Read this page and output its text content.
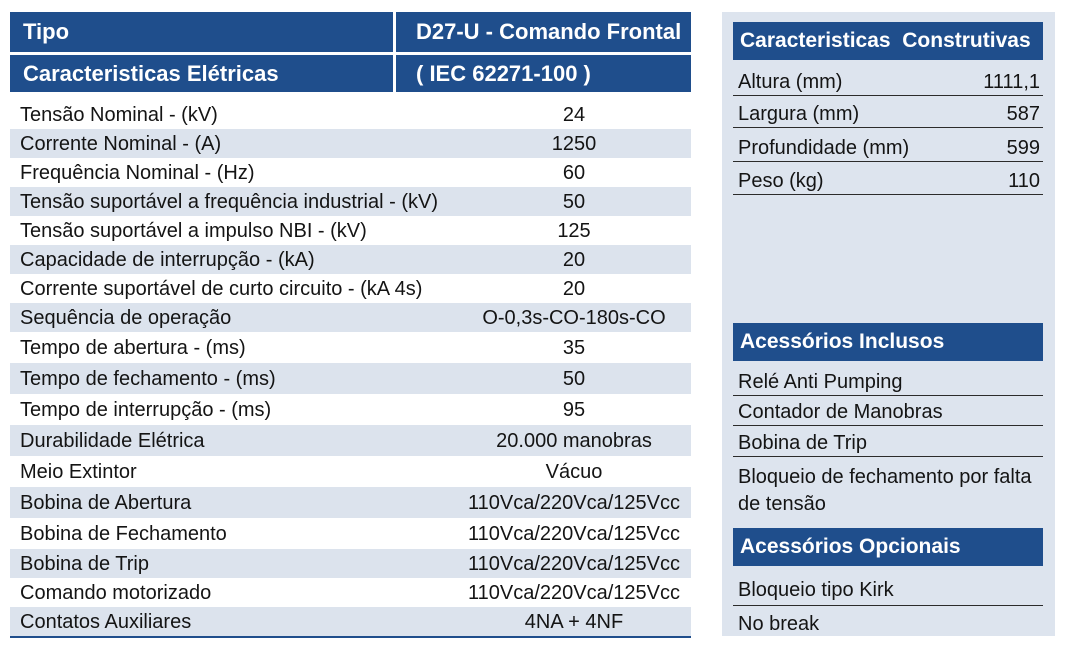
Tipo	D27-U - Comando Frontal
Caracteristicas Elétricas	( IEC 62271-100 )
Tensão Nominal - (kV)	24
Corrente Nominal - (A)	1250
Frequência Nominal - (Hz)	60
Tensão suportável a frequência industrial - (kV)	50
Tensão suportável a impulso NBI - (kV)	125
Capacidade de interrupção - (kA)	20
Corrente suportável de curto circuito - (kA 4s)	20
Sequência de operação	O-0,3s-CO-180s-CO
Tempo de abertura - (ms)	35
Tempo de fechamento - (ms)	50
Tempo de interrupção - (ms)	95
Durabilidade Elétrica	20.000 manobras
Meio Extintor	Vácuo
Bobina de Abertura	110Vca/220Vca/125Vcc
Bobina de Fechamento	110Vca/220Vca/125Vcc
Bobina de Trip	110Vca/220Vca/125Vcc
Comando motorizado	110Vca/220Vca/125Vcc
Contatos Auxiliares	4NA + 4NF
Caracteristicas  Construtivas
Altura (mm)	1111,1
Largura (mm)	587
Profundidade (mm)	599
Peso (kg)	110
Acessórios Inclusos
Relé Anti Pumping
Contador de Manobras
Bobina de Trip
Bloqueio de fechamento por falta de tensão
Acessórios Opcionais
Bloqueio tipo Kirk
No break
